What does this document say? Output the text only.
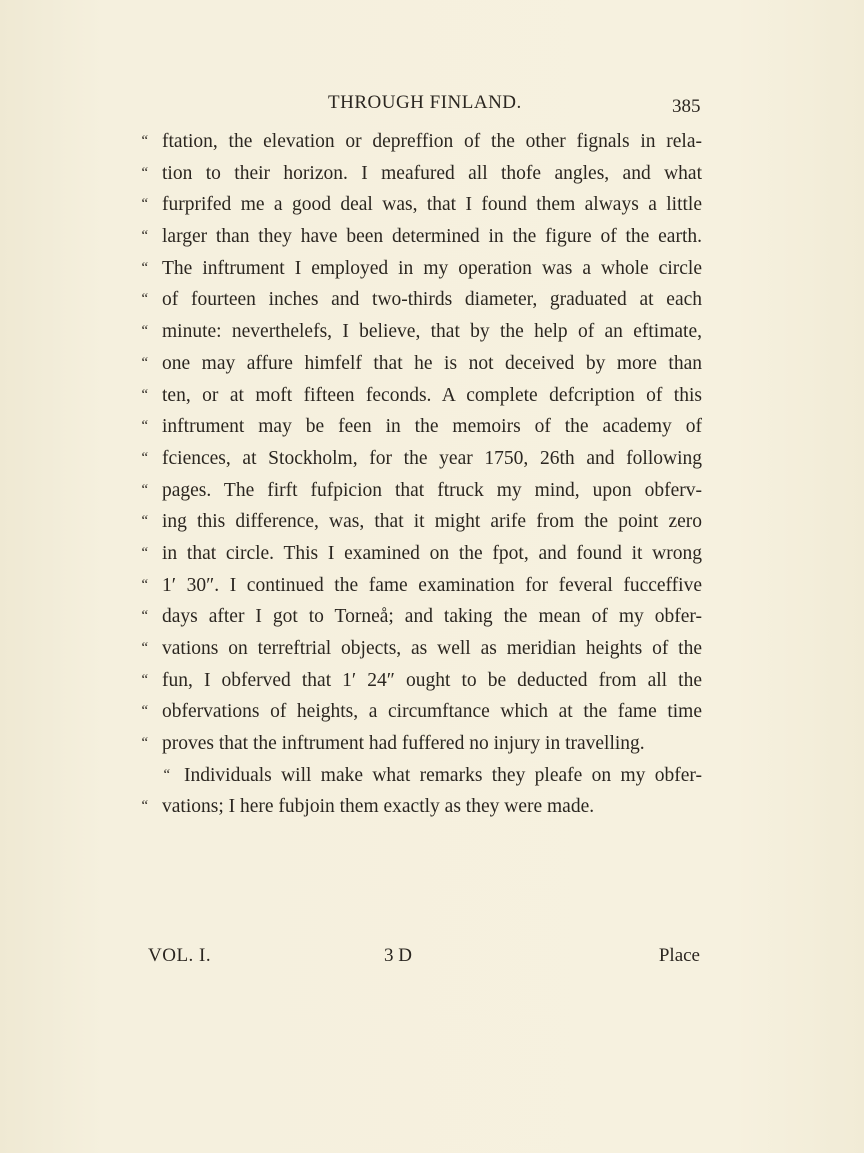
THROUGH FINLAND.	385
“ ftation, the elevation or depreffion of the other fignals in rela-
“ tion to their horizon. I meafured all thofe angles, and what
“ furprifed me a good deal was, that I found them always a little
“ larger than they have been determined in the figure of the earth.
“ The inftrument I employed in my operation was a whole circle
“ of fourteen inches and two-thirds diameter, graduated at each
“ minute: neverthelefs, I believe, that by the help of an eftimate,
“ one may affure himfelf that he is not deceived by more than
“ ten, or at moft fifteen feconds. A complete defcription of this
“ inftrument may be feen in the memoirs of the academy of
“ fciences, at Stockholm, for the year 1750, 26th and following
“ pages. The firft fufpicion that ftruck my mind, upon obferv-
“ ing this difference, was, that it might arife from the point zero
“ in that circle. This I examined on the fpot, and found it wrong
“ 1′ 30″. I continued the fame examination for feveral fucceffive
“ days after I got to Torneå; and taking the mean of my obfer-
“ vations on terreftrial objects, as well as meridian heights of the
“ fun, I obferved that 1′ 24″ ought to be deducted from all the
“ obfervations of heights, a circumftance which at the fame time
“ proves that the inftrument had fuffered no injury in travelling.
“ Individuals will make what remarks they pleafe on my obfer-
“ vations; I here fubjoin them exactly as they were made.
VOL. I.	3 D	Place
